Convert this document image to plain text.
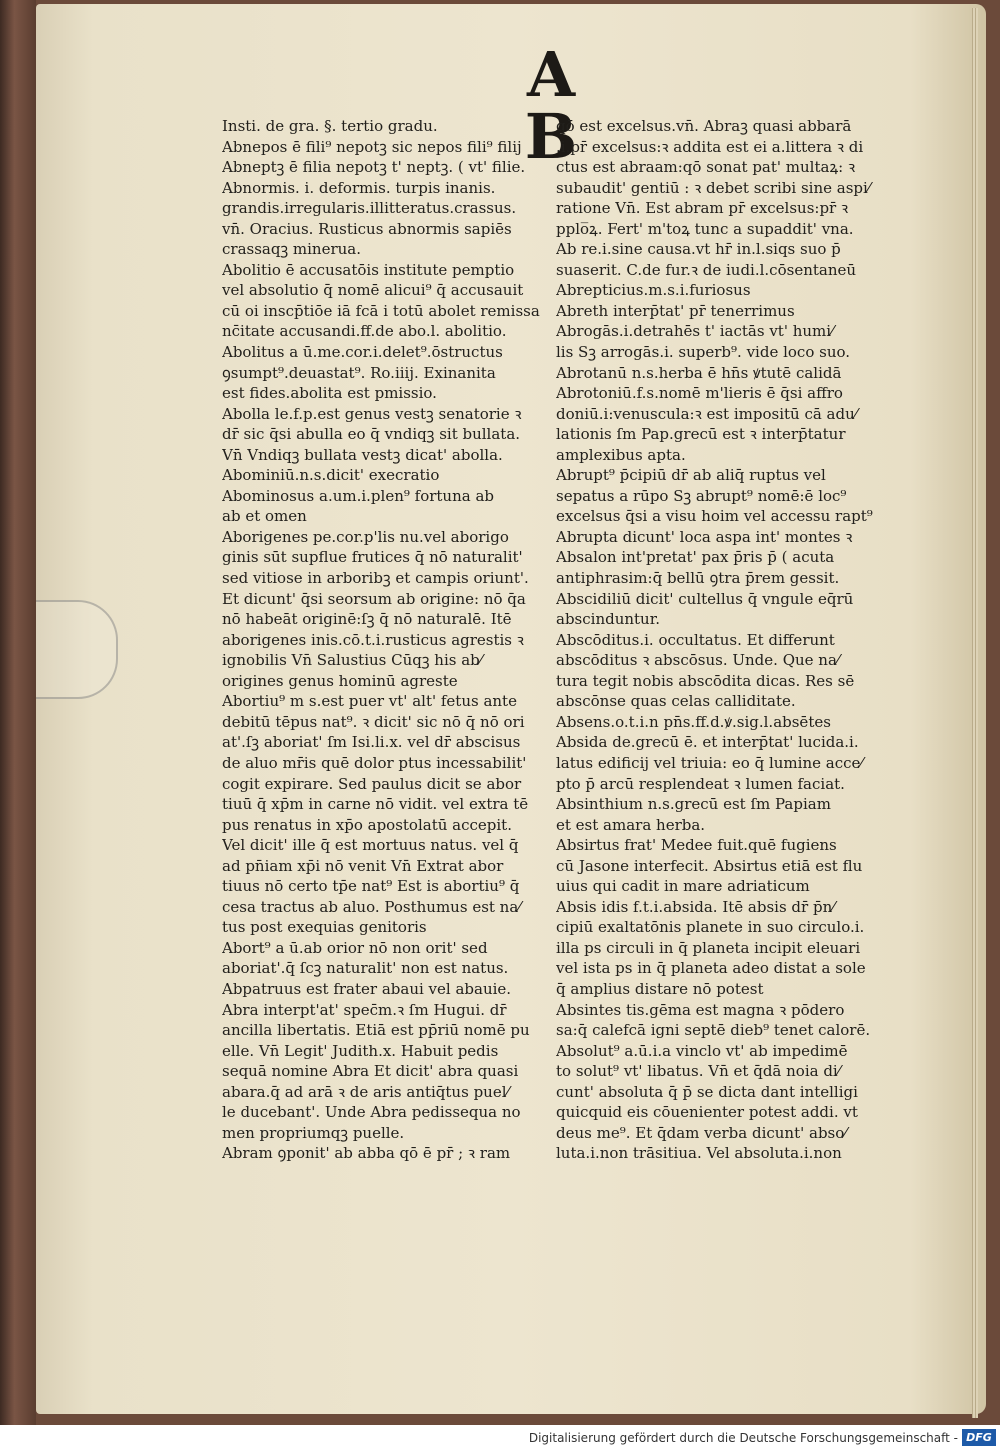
A B
Insti. de gra. §. tertio gradu.
Abnepos ē fili⁹ nepotꝫ sic nepos fili⁹ filij
Abneptꝫ ē filia nepotꝫ t' neptꝫ. ( vt' filie.
Abnormis. i. deformis. turpis inanis.
grandis.irregularis.illitteratus.crassus.
vn̄. Oracius. Rusticus abnormis sapiēs
crassaqꝫ minerua.
Abolitio ē accusatōis institute pemptio
vel absolutio q̄ nomē alicui⁹ q̄ accusauit
cū oi inscp̄tiōe iā fcā i totū abolet remissa
nc̄itate accusandi.ff.de abo.l. abolitio.
Abolitus a ū.me.cor.i.delet⁹.ōstructus
ꝯsumpt⁹.deuastat⁹. Ro.iiij. Exinanita
est fides.abolita est pmissio.
Abolla le.f.p.est genus vestꝫ senatorie ꝛ
dr̄ sic q̄si abulla eo q̄ vndiqꝫ sit bullata.
Vn̄ Vndiqꝫ bullata vestꝫ dicat' abolla.
Abominiū.n.s.dicit' execratio
Abominosus a.um.i.plen⁹ fortuna ab
ab et omen
Aborigenes pe.cor.p'lis nu.vel aborigo
ginis sūt supflue frutices q̄ nō naturalit'
sed vitiose in arboribꝫ et campis oriunt'.
Et dicunt' q̄si seorsum ab origine: nō q̄a
nō habeāt originē:ſꝫ q̄ nō naturalē. Itē
aborigenes inis.cō.t.i.rusticus agrestis ꝛ
ignobilis Vn̄ Salustius Cūqꝫ his ab⁄
origines genus hominū agreste
Abortiu⁹ m s.est puer vt' alt' fetus ante
debitū tēpus nat⁹. ꝛ dicit' sic nō q̄ nō ori
at'.ſꝫ aboriat' ſm Isi.li.x. vel dr̄ abscisus
de aluo mr̄is quē dolor ptus incessabilit'
cogit expirare. Sed paulus dicit se abor
tiuū q̄ xp̄m in carne nō vidit. vel extra tē
pus renatus in xp̄o apostolatū accepit.
Vel dicit' ille q̄ est mortuus natus. vel q̄
ad pn̄iam xp̄i nō venit Vn̄ Extrat abor
tiuus nō certo tp̄e nat⁹ Est is abortiu⁹ q̄
cesa tractus ab aluo. Posthumus est na⁄
tus post exequias genitoris
Abort⁹ a ū.ab orior nō non orit' sed
aboriat'.q̄ ſcꝫ naturalit' non est natus.
Abpatruus est frater abaui vel abauie.
Abra interpt'at' spec̄m.ꝛ ſm Hugui. dr̄
ancilla libertatis. Etiā est pp̄riū nomē pu
elle. Vn̄ Legit' Judith.x. Habuit pedis
sequā nomine Abra Et dicit' abra quasi
abara.q̄ ad arā ꝛ de aris antiq̄tus puel⁄
le ducebant'. Unde Abra pedissequa no
men propriumqꝫ puelle.
Abram ꝯponit' ab abba qō ē pr̄ ; ꝛ ram
qō est excelsus.vn̄. Abraꝫ quasi abbarā
.i.pr̄ excelsus:ꝛ addita est ei a.littera ꝛ di
ctus est abraam:qō sonat pat' multaꝝ: ꝛ
subaudit' gentiū : ꝛ debet scribi sine aspi⁄
ratione Vn̄. Est abram pr̄ excelsus:pr̄ ꝛ
pplo̅ꝝ. Fert' m'toꝝ tunc a supaddit' vna.
Ab re.i.sine causa.vt hr̄ in.l.siqs suo p̄
suaserit. C.de fur.ꝛ de iudi.l.cōsentaneū
Abrepticius.m.s.i.furiosus
Abreth interp̄tat' pr̄ tenerrimus
Abrogās.i.detrahēs t' iactās vt' humi⁄
lis Sꝫ arrogās.i. superb⁹. vide loco suo.
Abrotanū n.s.herba ē hn̄s ꝟtutē calidā
Abrotoniū.f.s.nomē m'lieris ē q̄si affro
doniū.i:venuscula:ꝛ est impositū cā adu⁄
lationis ſm Pap.grecū est ꝛ interp̄tatur
amplexibus apta.
Abrupt⁹ p̄cipiū dr̄ ab aliq̄ ruptus vel
sepatus a rūpo Sꝫ abrupt⁹ nomē:ē loc⁹
excelsus q̄si a visu hoim vel accessu rapt⁹
Abrupta dicunt' loca aspa int' montes ꝛ
Absalon int'pretat' pax p̄ris p̄ ( acuta
antiphrasim:q̄ bellū ꝯtra p̄rem gessit.
Abscidiliū dicit' cultellus q̄ vngule eq̄rū
abscinduntur.
Abscōditus.i. occultatus. Et differunt
abscōditus ꝛ abscōsus. Unde. Que na⁄
tura tegit nobis abscōdita dicas. Res sē
abscōnse quas celas calliditate.
Absens.o.t.i.n pn̄s.ff.d.ꝟ.sig.l.absētes
Absida de.grecū ē. et interp̄tat' lucida.i.
latus edificij vel triuia: eo q̄ lumine acce⁄
pto p̄ arcū resplendeat ꝛ lumen faciat.
Absinthium n.s.grecū est ſm Papiam
et est amara herba.
Absirtus frat' Medee fuit.quē fugiens
cū Jasone interfecit. Absirtus etiā est flu
uius qui cadit in mare adriaticum
Absis idis f.t.i.absida. Itē absis dr̄ p̄n⁄
cipiū exaltatōnis planete in suo circulo.i.
illa ps circuli in q̄ planeta incipit eleuari
vel ista ps in q̄ planeta adeo distat a sole
q̄ amplius distare nō potest
Absintes tis.gēma est magna ꝛ pōdero
sa:q̄ calefcā igni septē dieb⁹ tenet calorē.
Absolut⁹ a.ū.i.a vinclo vt' ab impedimē
to solut⁹ vt' libatus. Vn̄ et q̄dā noia di⁄
cunt' absoluta q̄ p̄ se dicta dant intelligi
quicquid eis cōuenienter potest addi. vt
deus me⁹. Et q̄dam verba dicunt' abso⁄
luta.i.non trāsitiua. Vel absoluta.i.non
Digitalisierung gefördert durch die Deutsche Forschungsgemeinschaft - DFG
